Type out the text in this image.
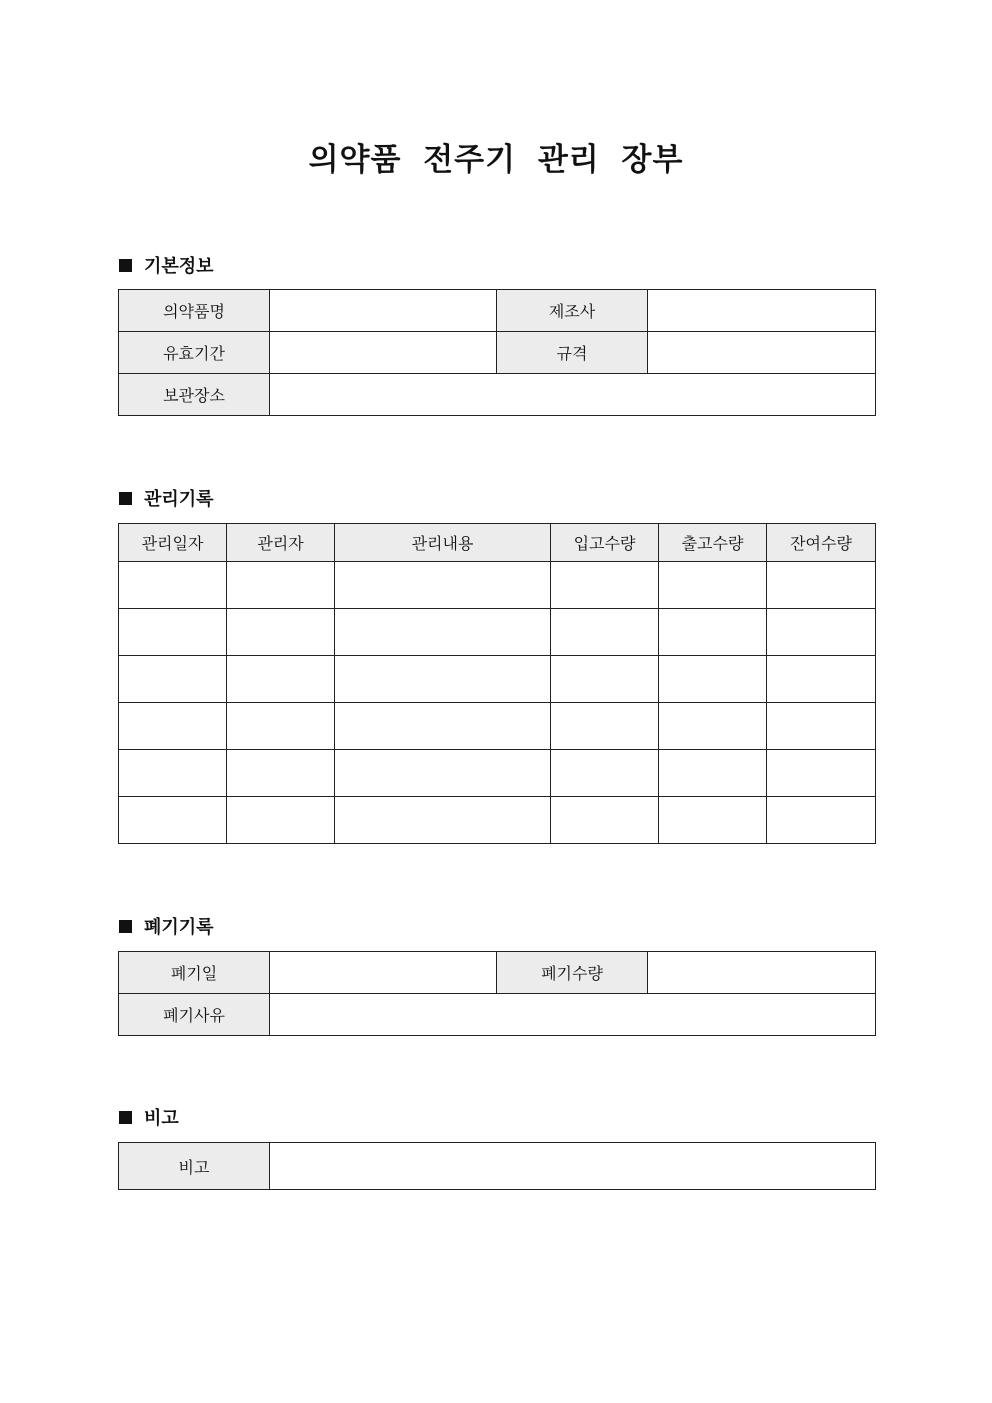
의약품 전주기 관리 장부
기본정보
의약품명		제조사	
유효기간		규격	
보관장소			
관리기록
관리일자	관리자	관리내용	입고수량	출고수량	잔여수량

폐기기록
폐기일		폐기수량	
폐기사유			
비고
비고	
